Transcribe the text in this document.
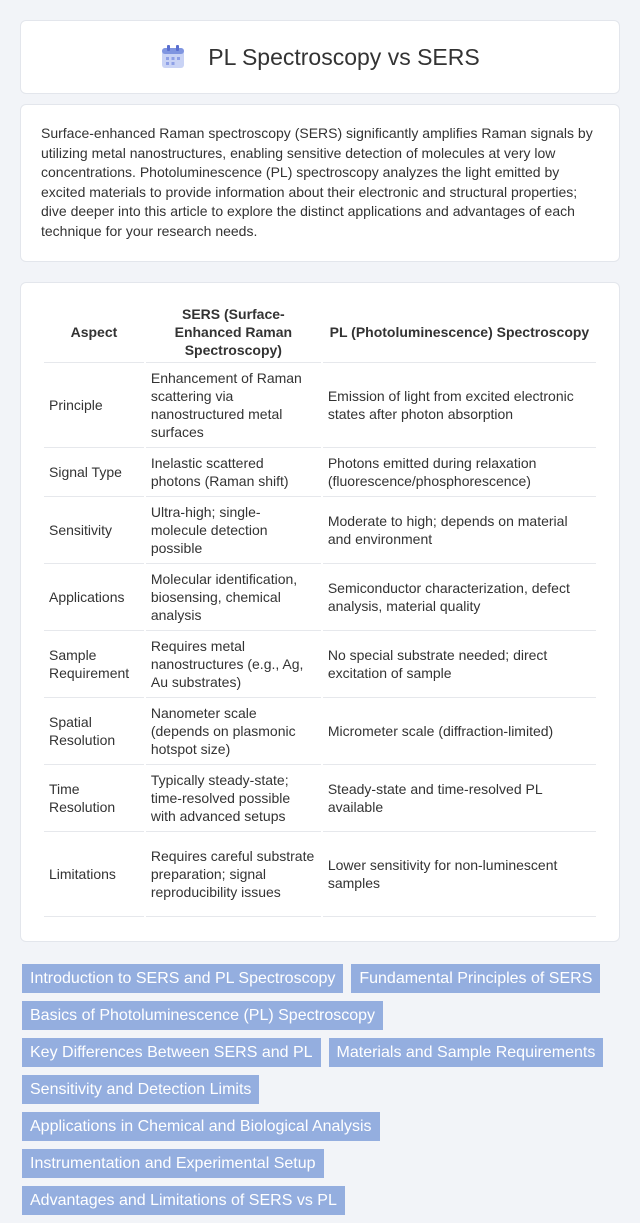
PL Spectroscopy vs SERS

Surface-enhanced Raman spectroscopy (SERS) significantly amplifies Raman signals by utilizing metal nanostructures, enabling sensitive detection of molecules at very low concentrations. Photoluminescence (PL) spectroscopy analyzes the light emitted by excited materials to provide information about their electronic and structural properties; dive deeper into this article to explore the distinct applications and advantages of each technique for your research needs.

Aspect	SERS (Surface-Enhanced Raman Spectroscopy)	PL (Photoluminescence) Spectroscopy
Principle	Enhancement of Raman scattering via nanostructured metal surfaces	Emission of light from excited electronic states after photon absorption
Signal Type	Inelastic scattered photons (Raman shift)	Photons emitted during relaxation (fluorescence/phosphorescence)
Sensitivity	Ultra-high; single-molecule detection possible	Moderate to high; depends on material and environment
Applications	Molecular identification, biosensing, chemical analysis	Semiconductor characterization, defect analysis, material quality
Sample Requirement	Requires metal nanostructures (e.g., Ag, Au substrates)	No special substrate needed; direct excitation of sample
Spatial Resolution	Nanometer scale (depends on plasmonic hotspot size)	Micrometer scale (diffraction-limited)
Time Resolution	Typically steady-state; time-resolved possible with advanced setups	Steady-state and time-resolved PL available
Limitations	Requires careful substrate preparation; signal reproducibility issues	Lower sensitivity for non-luminescent samples
Introduction to SERS and PL Spectroscopy	Fundamental Principles of SERS
Basics of Photoluminescence (PL) Spectroscopy
Key Differences Between SERS and PL	Materials and Sample Requirements
Sensitivity and Detection Limits
Applications in Chemical and Biological Analysis
Instrumentation and Experimental Setup
Advantages and Limitations of SERS vs PL
